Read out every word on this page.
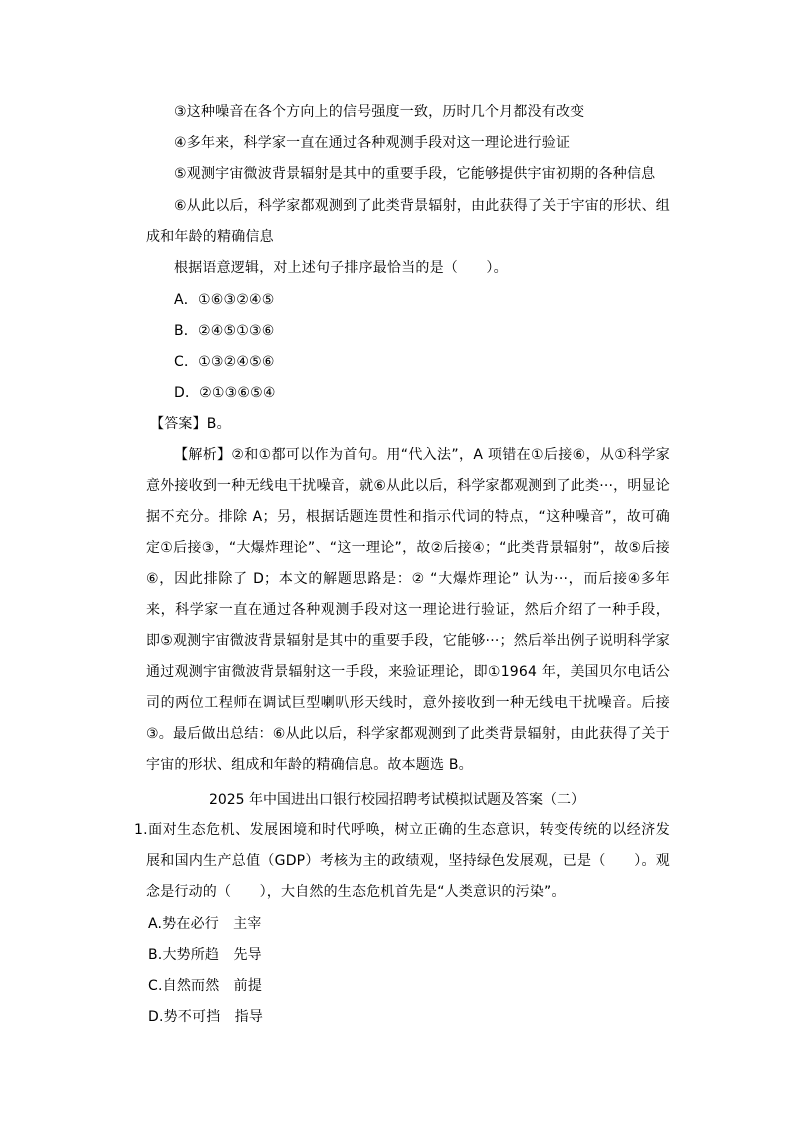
③这种噪音在各个方向上的信号强度一致，历时几个月都没有改变
④多年来，科学家一直在通过各种观测手段对这一理论进行验证
⑤观测宇宙微波背景辐射是其中的重要手段，它能够提供宇宙初期的各种信息
⑥从此以后，科学家都观测到了此类背景辐射，由此获得了关于宇宙的形状、组成和年龄的精确信息
根据语意逻辑，对上述句子排序最恰当的是（　　）。
A．①⑥③②④⑤
B．②④⑤①③⑥
C．①③②④⑤⑥
D．②①③⑥⑤④
【答案】B。
【解析】②和①都可以作为首句。用“代入法”，A 项错在①后接⑥，从①科学家意外接收到一种无线电干扰噪音，就⑥从此以后，科学家都观测到了此类···，明显论据不充分。排除 A；另，根据话题连贯性和指示代词的特点，“这种噪音”，故可确定①后接③，“大爆炸理论”、“这一理论”，故②后接④；“此类背景辐射”，故⑤后接⑥，因此排除了 D；本文的解题思路是：② “大爆炸理论” 认为···，而后接④多年来，科学家一直在通过各种观测手段对这一理论进行验证，然后介绍了一种手段，即⑤观测宇宙微波背景辐射是其中的重要手段，它能够···；然后举出例子说明科学家通过观测宇宙微波背景辐射这一手段，来验证理论，即①1964 年，美国贝尔电话公司的两位工程师在调试巨型喇叭形天线时，意外接收到一种无线电干扰噪音。后接③。最后做出总结：⑥从此以后，科学家都观测到了此类背景辐射，由此获得了关于宇宙的形状、组成和年龄的精确信息。故本题选 B。
2025 年中国进出口银行校园招聘考试模拟试题及答案（二）
1.面对生态危机、发展困境和时代呼唤，树立正确的生态意识，转变传统的以经济发展和国内生产总值（GDP）考核为主的政绩观，坚持绿色发展观，已是（　　）。观念是行动的（　　），大自然的生态危机首先是“人类意识的污染”。
A.势在必行　主宰
B.大势所趋　先导
C.自然而然　前提
D.势不可挡　指导
